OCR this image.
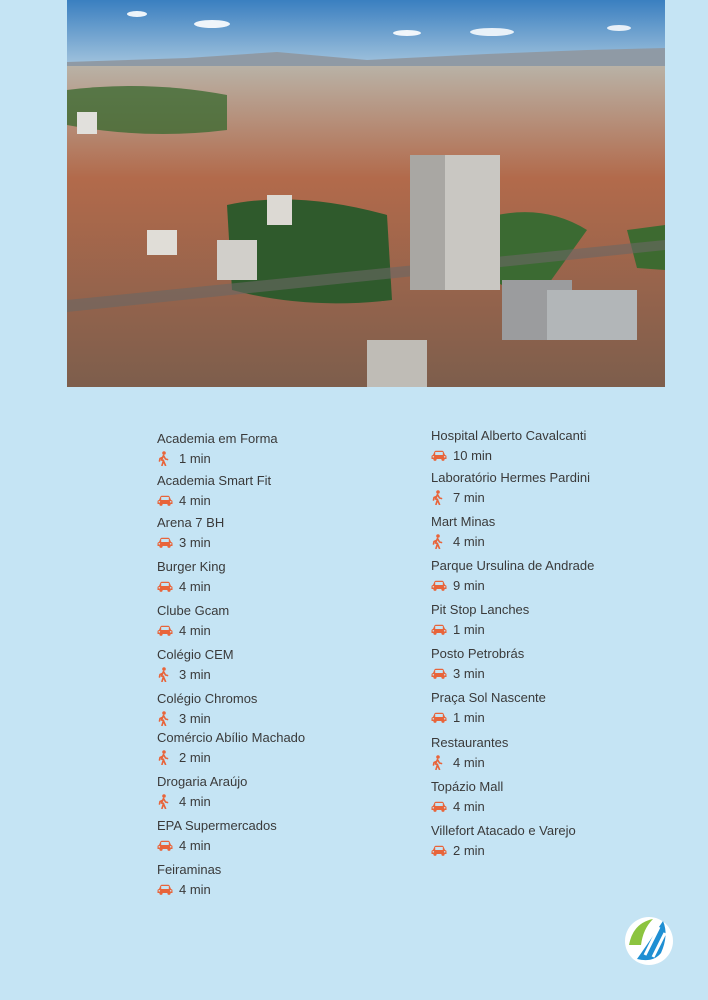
Academia em Forma
1 min
Academia Smart Fit
4 min
Arena 7 BH
3 min
Burger King
4 min
Clube Gcam
4 min
Colégio CEM
3 min
Colégio Chromos
3 min
Comércio Abílio Machado
2 min
Drogaria Araújo
4 min
EPA Supermercados
4 min
Feiraminas
4 min
Hospital Alberto Cavalcanti
10 min
Laboratório Hermes Pardini
7 min
Mart Minas
4 min
Parque Ursulina de Andrade
9 min
Pit Stop Lanches
1 min
Posto Petrobrás
3 min
Praça Sol Nascente
1 min
Restaurantes
4 min
Topázio Mall
4 min
Villefort Atacado e Varejo
2 min
